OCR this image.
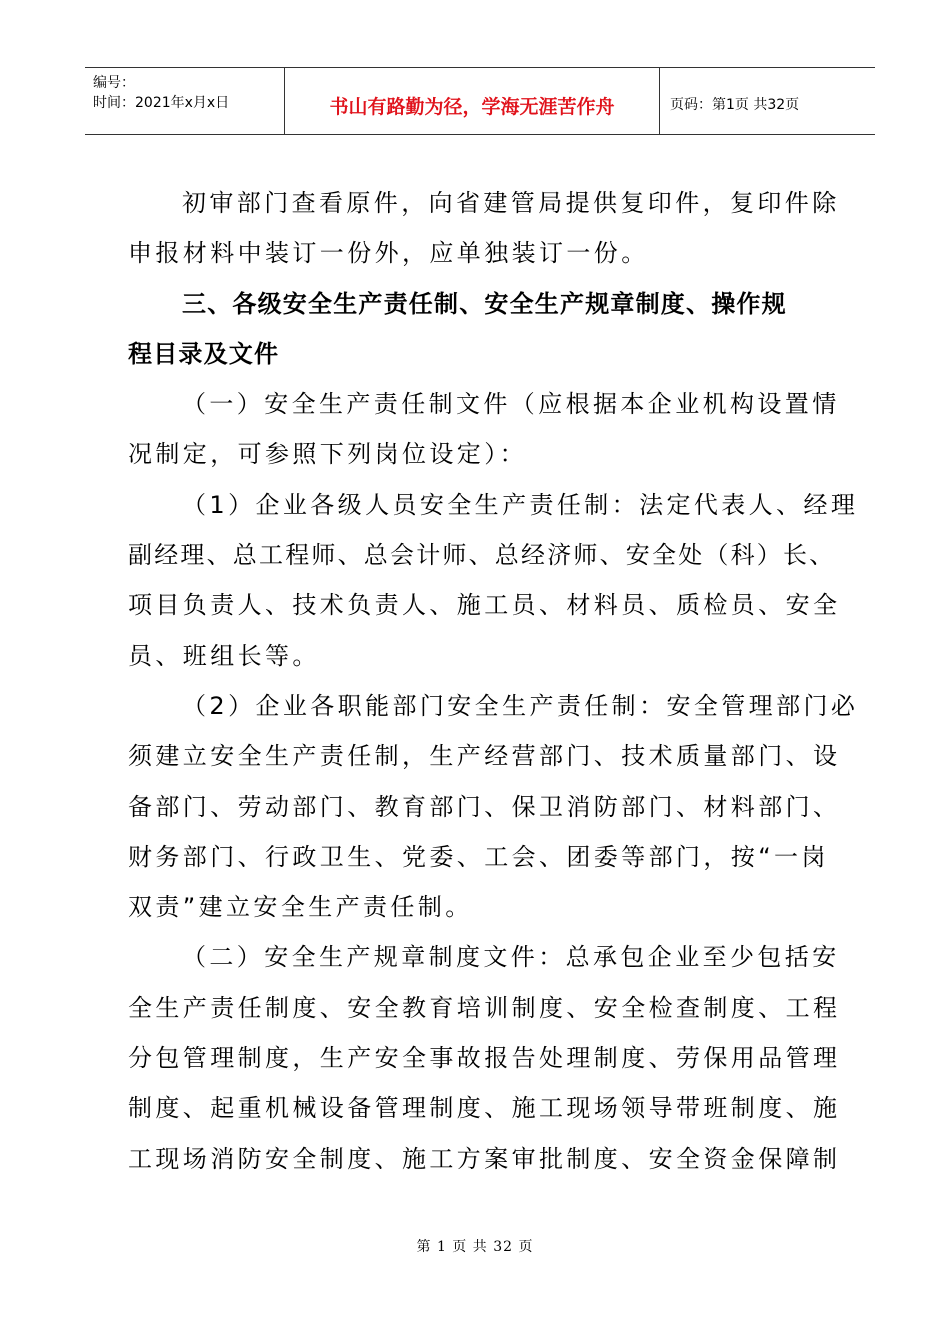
编号：
时间：2021年x月x日	书山有路勤为径，学海无涯苦作舟	页码：第1页 共32页

初审部门查看原件，向省建管局提供复印件，复印件除

申报材料中装订一份外，应单独装订一份。

三、各级安全生产责任制、安全生产规章制度、操作规

程目录及文件

（一）安全生产责任制文件（应根据本企业机构设置情

况制定，可参照下列岗位设定）：

（1）企业各级人员安全生产责任制：法定代表人、经理

副经理、总工程师、总会计师、总经济师、安全处（科）长、

项目负责人、技术负责人、施工员、材料员、质检员、安全

员、班组长等。

（2）企业各职能部门安全生产责任制：安全管理部门必

须建立安全生产责任制，生产经营部门、技术质量部门、设

备部门、劳动部门、教育部门、保卫消防部门、材料部门、

财务部门、行政卫生、党委、工会、团委等部门，按“一岗

双责”建立安全生产责任制。

（二）安全生产规章制度文件：总承包企业至少包括安

全生产责任制度、安全教育培训制度、安全检查制度、工程

分包管理制度，生产安全事故报告处理制度、劳保用品管理

制度、起重机械设备管理制度、施工现场领导带班制度、施

工现场消防安全制度、施工方案审批制度、安全资金保障制

第 1 页 共 32 页
